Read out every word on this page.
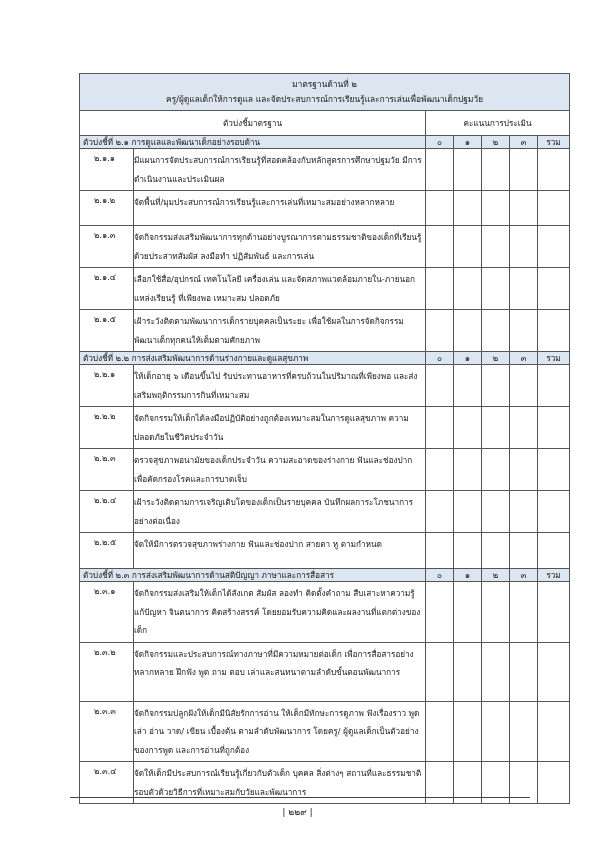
มาตรฐานด้านที่ ๒
ครู/ผู้ดูแลเด็กให้การดูแล และจัดประสบการณ์การเรียนรู้และการเล่นเพื่อพัฒนาเด็กปฐมวัย						

ตัวบ่งชี้มาตรฐาน		คะแนนการประเมิน				
ตัวบ่งชี้ที่ ๒.๑ การดูแลและพัฒนาเด็กอย่างรอบด้าน		๐	๑	๒	๓	รวม
๒.๑.๑	มีแผนการจัดประสบการณ์การเรียนรู้ที่สอดคล้องกับหลักสูตรการศึกษาปฐมวัย มีการดำเนินงานและประเมินผล					
๒.๑.๒	จัดพื้นที่/มุมประสบการณ์การเรียนรู้และการเล่นที่เหมาะสมอย่างหลากหลาย					
๒.๑.๓	จัดกิจกรรมส่งเสริมพัฒนาการทุกด้านอย่างบูรณาการตามธรรมชาติของเด็กที่เรียนรู้ด้วยประสาทสัมผัส ลงมือทำ ปฏิสัมพันธ์ และการเล่น					
๒.๑.๔	เลือกใช้สื่อ/อุปกรณ์ เทคโนโลยี เครื่องเล่น และจัดสภาพแวดล้อมภายใน-ภายนอก แหล่งเรียนรู้ ที่เพียงพอ เหมาะสม ปลอดภัย					
๒.๑.๕	เฝ้าระวังติดตามพัฒนาการเด็กรายบุคคลเป็นระยะ เพื่อใช้ผลในการจัดกิจกรรมพัฒนาเด็กทุกคนให้เต็มตามศักยภาพ					
ตัวบ่งชี้ที่ ๒.๒ การส่งเสริมพัฒนาการด้านร่างกายและดูแลสุขภาพ		๐	๑	๒	๓	รวม
๒.๒.๑	ให้เด็กอายุ ๖ เดือนขึ้นไป รับประทานอาหารที่ครบถ้วนในปริมาณที่เพียงพอ และส่งเสริมพฤติกรรมการกินที่เหมาะสม					
๒.๒.๒	จัดกิจกรรมให้เด็กได้ลงมือปฏิบัติอย่างถูกต้องเหมาะสมในการดูแลสุขภาพ ความปลอดภัยในชีวิตประจำวัน					
๒.๒.๓	ตรวจสุขภาพอนามัยของเด็กประจำวัน ความสะอาดของร่างกาย ฟันและช่องปากเพื่อคัดกรองโรคและการบาดเจ็บ					
๒.๒.๔	เฝ้าระวังติดตามการเจริญเติบโตของเด็กเป็นรายบุคคล บันทึกผลการะโภชนาการอย่างต่อเนื่อง					
๒.๒.๕	จัดให้มีการตรวจสุขภาพร่างกาย ฟันและช่องปาก สายตา หู ตามกำหนด					
ตัวบ่งชี้ที่ ๒.๓ การส่งเสริมพัฒนาการด้านสติปัญญา ภาษาและการสื่อสาร		๐	๑	๒	๓	รวม
๒.๓.๑	จัดกิจกรรมส่งเสริมให้เด็กได้สังเกต สัมผัส ลองทำ คิดตั้งคำถาม สืบเสาะหาความรู้ แก้ปัญหา จินตนาการ คิดสร้างสรรค์ โดยยอมรับความคิดและผลงานที่แตกต่างของเด็ก					
๒.๓.๒	จัดกิจกรรมและประสบการณ์ทางภาษาที่มีความหมายต่อเด็ก เพื่อการสื่อสารอย่างหลากหลาย ฝึกฟัง พูด ถาม ตอบ เล่าและสนทนาตามลำดับขั้นตอนพัฒนาการ					
๒.๓.๓	จัดกิจกรรมปลูกฝังให้เด็กมีนิสัยรักการอ่าน ให้เด็กมีทักษะการดูภาพ ฟังเรื่องราว พูดเล่า อ่าน วาด/ เขียน เบื้องต้น ตามลำดับพัฒนาการ โดยครู/ ผู้ดูแลเด็กเป็นตัวอย่างของการพูด และการอ่านที่ถูกต้อง					
๒.๓.๔	จัดให้เด็กมีประสบการณ์เรียนรู้เกี่ยวกับตัวเด็ก บุคคล สิ่งต่างๆ สถานที่และธรรมชาติรอบตัวด้วยวิธีการที่เหมาะสมกับวัยและพัฒนาการ					
| ๒๒๙ |
